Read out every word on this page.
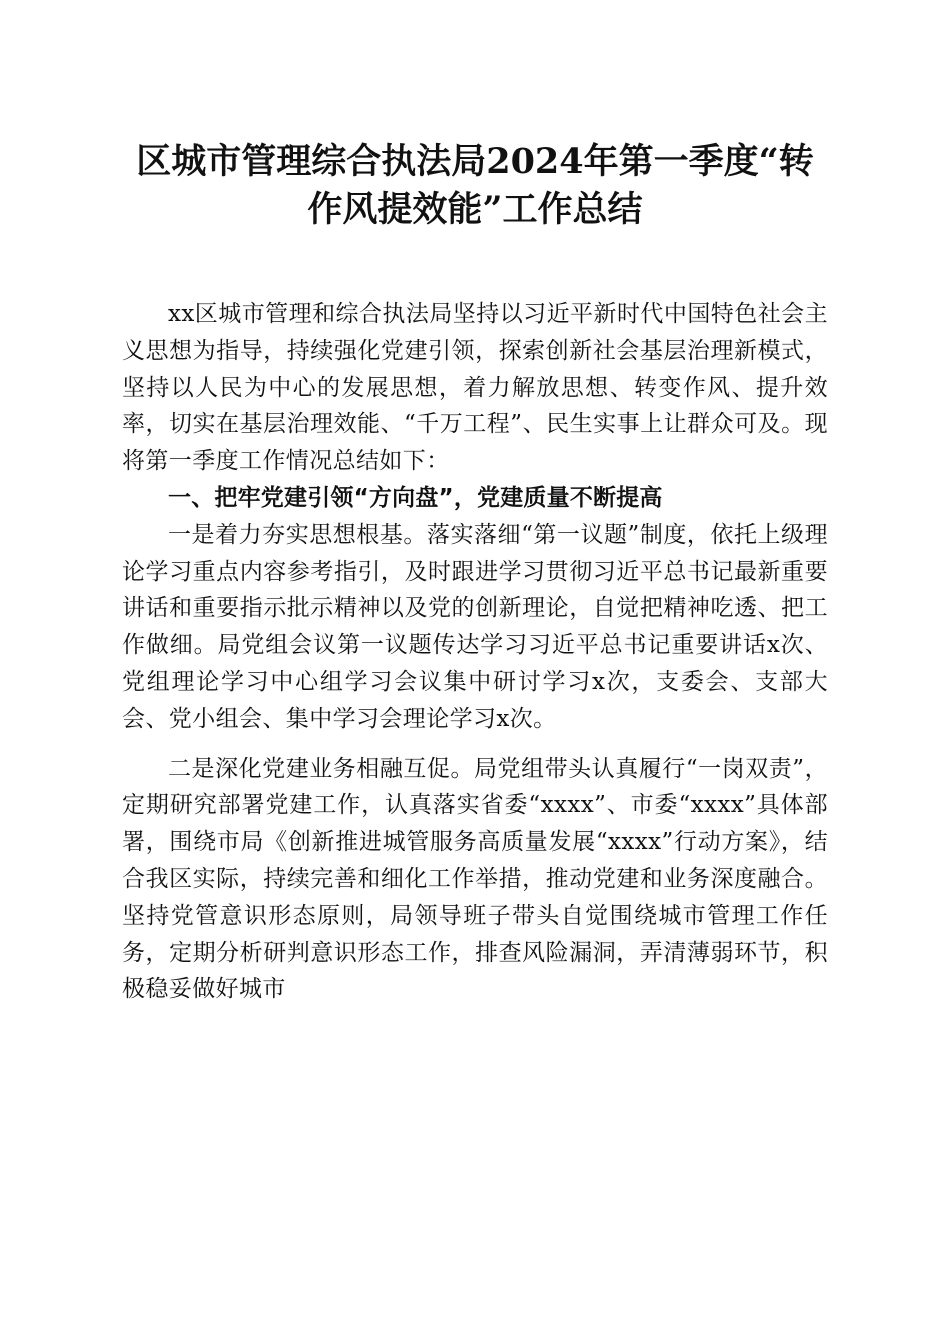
区城市管理综合执法局2024年第一季度“转
作风提效能”工作总结

xx区城市管理和综合执法局坚持以习近平新时代中国特色社会主义思想为指导，持续强化党建引领，探索创新社会基层治理新模式，坚持以人民为中心的发展思想，着力解放思想、转变作风、提升效率，切实在基层治理效能、“千万工程”、民生实事上让群众可及。现将第一季度工作情况总结如下：

一、把牢党建引领“方向盘”，党建质量不断提高

一是着力夯实思想根基。落实落细“第一议题”制度，依托上级理论学习重点内容参考指引，及时跟进学习贯彻习近平总书记最新重要讲话和重要指示批示精神以及党的创新理论，自觉把精神吃透、把工作做细。局党组会议第一议题传达学习习近平总书记重要讲话x次、党组理论学习中心组学习会议集中研讨学习x次，支委会、支部大会、党小组会、集中学习会理论学习x次。

二是深化党建业务相融互促。局党组带头认真履行“一岗双责”，定期研究部署党建工作，认真落实省委“xxxx”、市委“xxxx”具体部署，围绕市局《创新推进城管服务高质量发展“xxxx”行动方案》，结合我区实际，持续完善和细化工作举措，推动党建和业务深度融合。坚持党管意识形态原则，局领导班子带头自觉围绕城市管理工作任务，定期分析研判意识形态工作，排查风险漏洞，弄清薄弱环节，积极稳妥做好城市
